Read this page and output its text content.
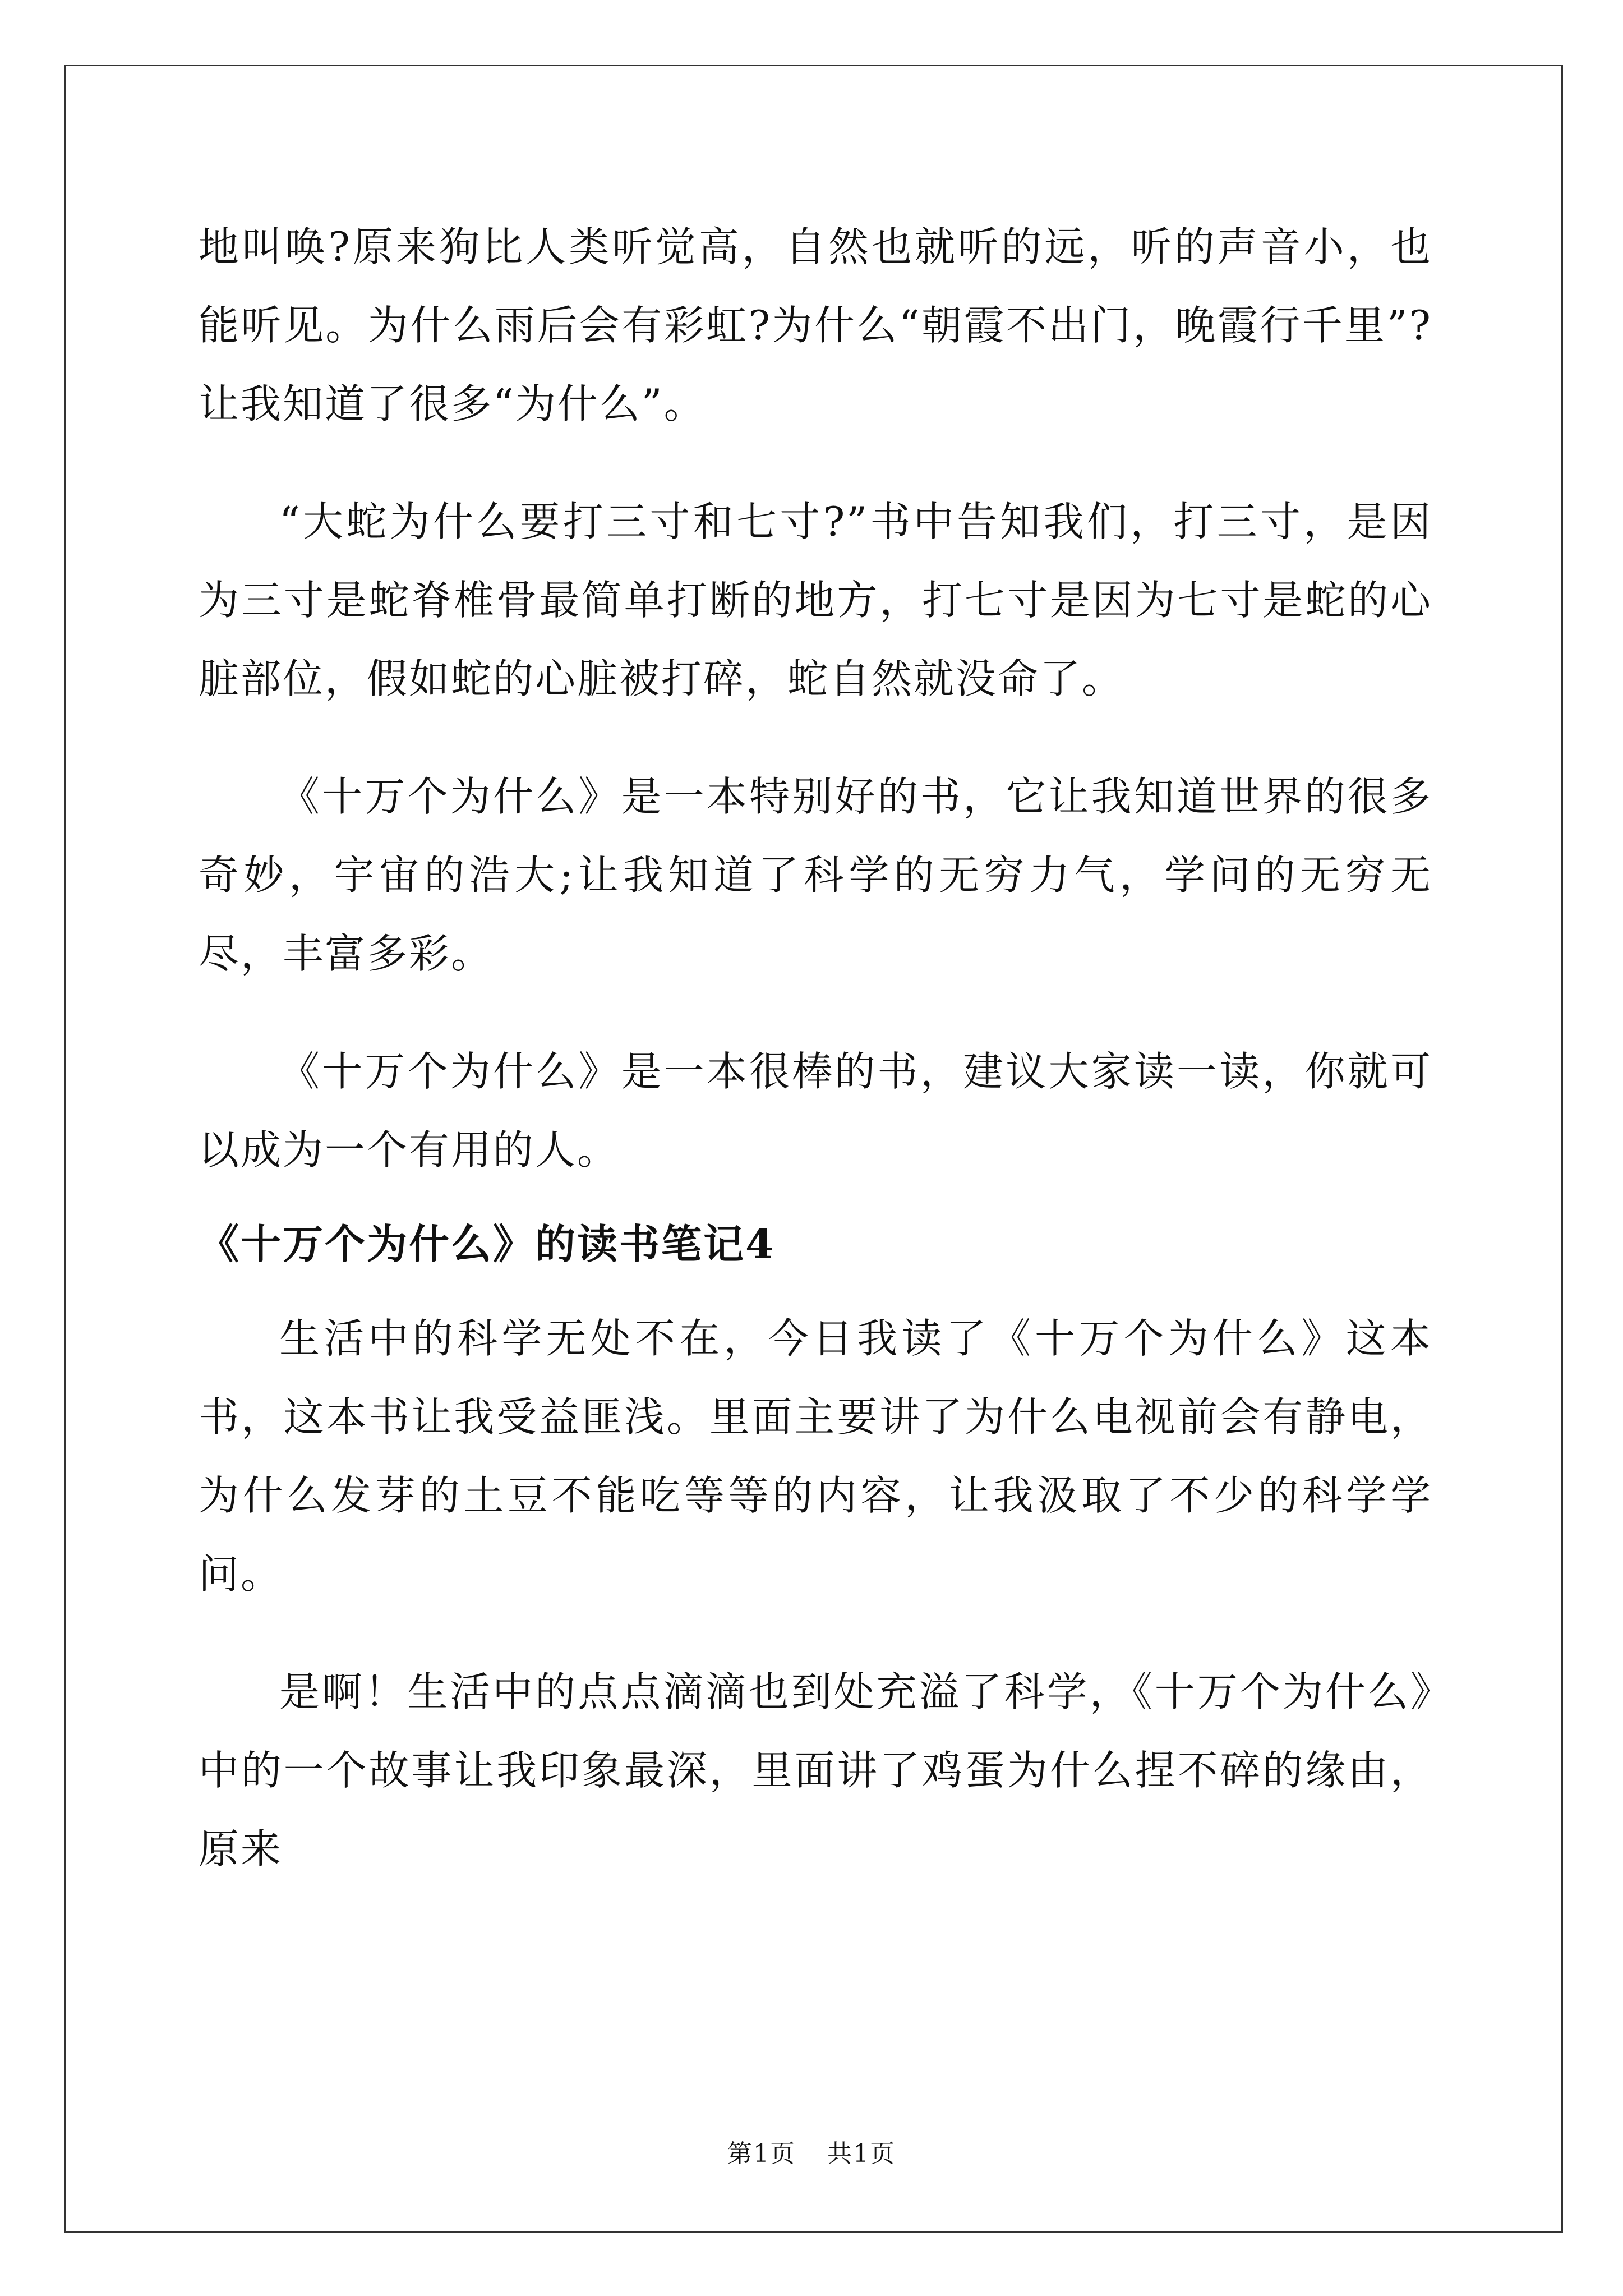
地叫唤?原来狗比人类听觉高，自然也就听的远，听的声音小，也能听见。为什么雨后会有彩虹?为什么“朝霞不出门，晚霞行千里”?让我知道了很多“为什么”。

“大蛇为什么要打三寸和七寸?”书中告知我们，打三寸，是因为三寸是蛇脊椎骨最简单打断的地方，打七寸是因为七寸是蛇的心脏部位，假如蛇的心脏被打碎，蛇自然就没命了。

《十万个为什么》是一本特别好的书，它让我知道世界的很多奇妙，宇宙的浩大;让我知道了科学的无穷力气，学问的无穷无尽，丰富多彩。

《十万个为什么》是一本很棒的书，建议大家读一读，你就可以成为一个有用的人。

《十万个为什么》的读书笔记4

生活中的科学无处不在，今日我读了《十万个为什么》这本书，这本书让我受益匪浅。里面主要讲了为什么电视前会有静电，为什么发芽的土豆不能吃等等的内容，让我汲取了不少的科学学问。

是啊！生活中的点点滴滴也到处充溢了科学，《十万个为什么》中的一个故事让我印象最深，里面讲了鸡蛋为什么捏不碎的缘由，原来

第1页 共1页
